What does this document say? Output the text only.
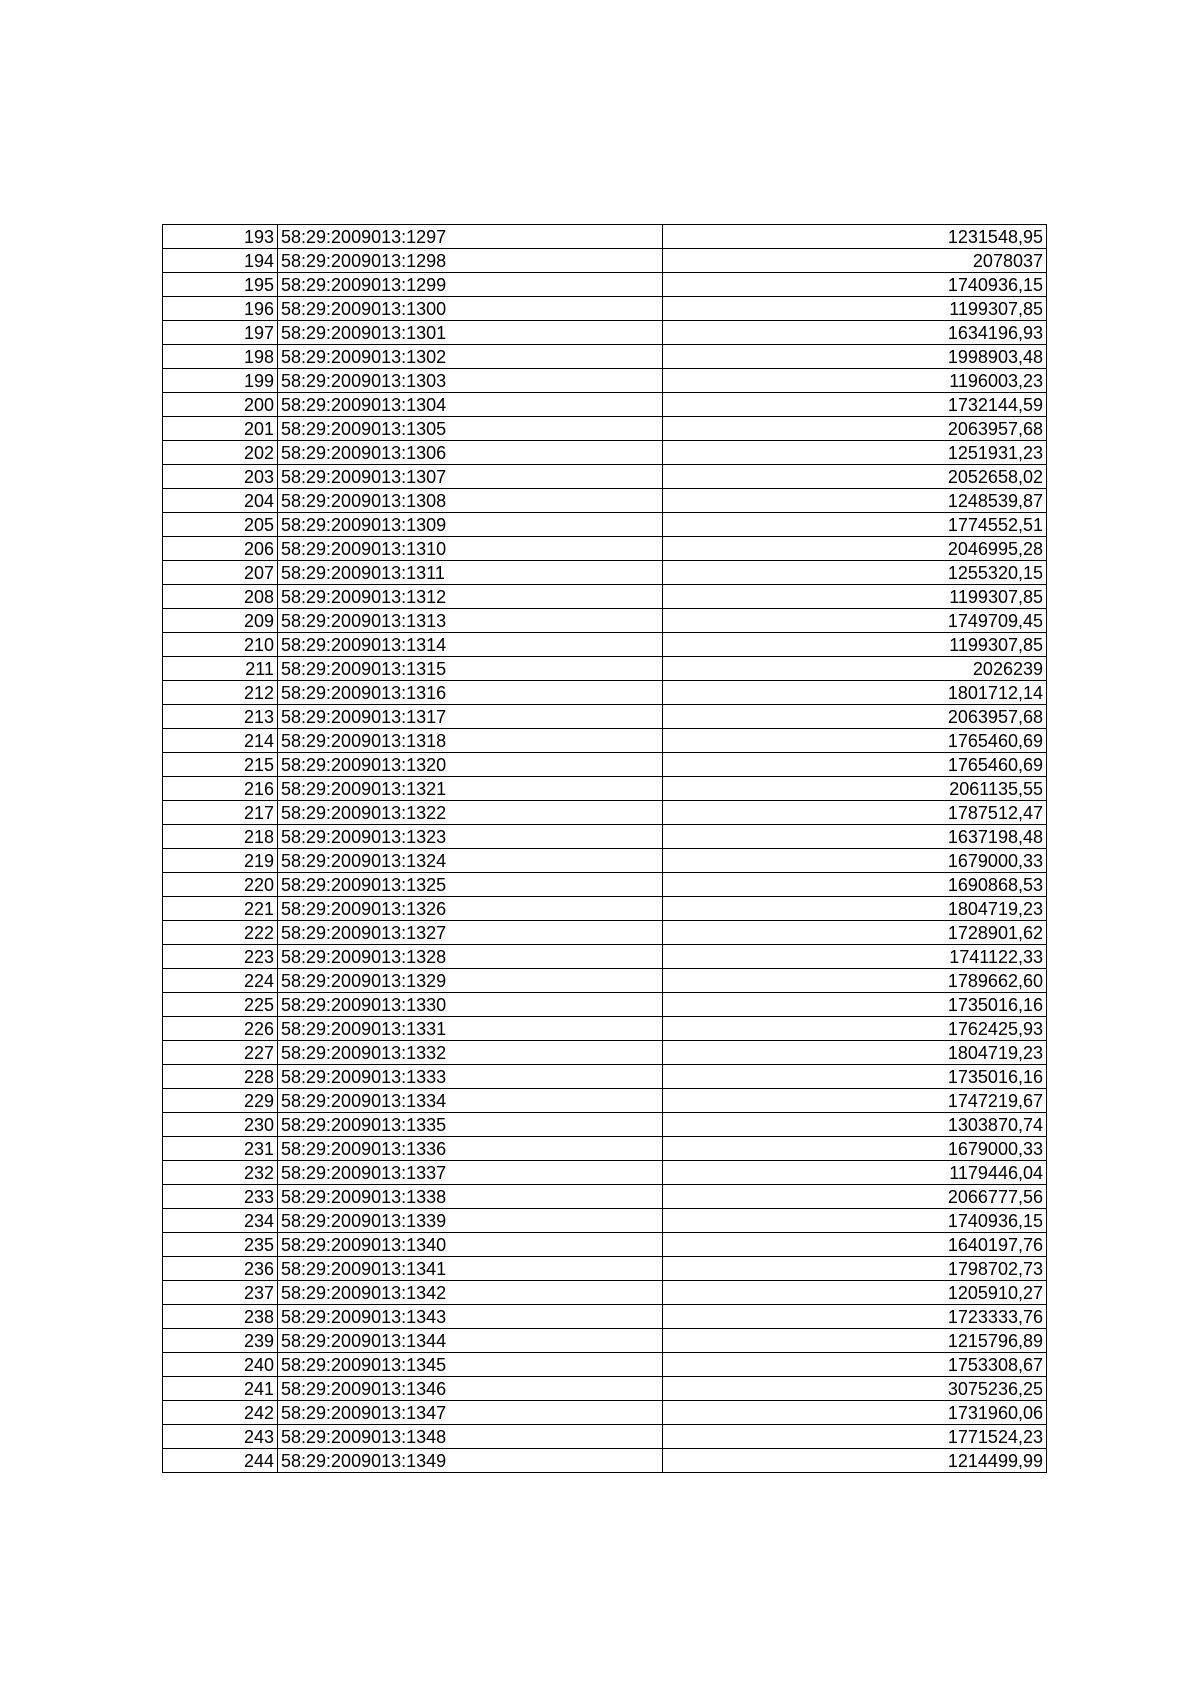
193	58:29:2009013:1297	1231548,95
194	58:29:2009013:1298	2078037
195	58:29:2009013:1299	1740936,15
196	58:29:2009013:1300	1199307,85
197	58:29:2009013:1301	1634196,93
198	58:29:2009013:1302	1998903,48
199	58:29:2009013:1303	1196003,23
200	58:29:2009013:1304	1732144,59
201	58:29:2009013:1305	2063957,68
202	58:29:2009013:1306	1251931,23
203	58:29:2009013:1307	2052658,02
204	58:29:2009013:1308	1248539,87
205	58:29:2009013:1309	1774552,51
206	58:29:2009013:1310	2046995,28
207	58:29:2009013:1311	1255320,15
208	58:29:2009013:1312	1199307,85
209	58:29:2009013:1313	1749709,45
210	58:29:2009013:1314	1199307,85
211	58:29:2009013:1315	2026239
212	58:29:2009013:1316	1801712,14
213	58:29:2009013:1317	2063957,68
214	58:29:2009013:1318	1765460,69
215	58:29:2009013:1320	1765460,69
216	58:29:2009013:1321	2061135,55
217	58:29:2009013:1322	1787512,47
218	58:29:2009013:1323	1637198,48
219	58:29:2009013:1324	1679000,33
220	58:29:2009013:1325	1690868,53
221	58:29:2009013:1326	1804719,23
222	58:29:2009013:1327	1728901,62
223	58:29:2009013:1328	1741122,33
224	58:29:2009013:1329	1789662,60
225	58:29:2009013:1330	1735016,16
226	58:29:2009013:1331	1762425,93
227	58:29:2009013:1332	1804719,23
228	58:29:2009013:1333	1735016,16
229	58:29:2009013:1334	1747219,67
230	58:29:2009013:1335	1303870,74
231	58:29:2009013:1336	1679000,33
232	58:29:2009013:1337	1179446,04
233	58:29:2009013:1338	2066777,56
234	58:29:2009013:1339	1740936,15
235	58:29:2009013:1340	1640197,76
236	58:29:2009013:1341	1798702,73
237	58:29:2009013:1342	1205910,27
238	58:29:2009013:1343	1723333,76
239	58:29:2009013:1344	1215796,89
240	58:29:2009013:1345	1753308,67
241	58:29:2009013:1346	3075236,25
242	58:29:2009013:1347	1731960,06
243	58:29:2009013:1348	1771524,23
244	58:29:2009013:1349	1214499,99
